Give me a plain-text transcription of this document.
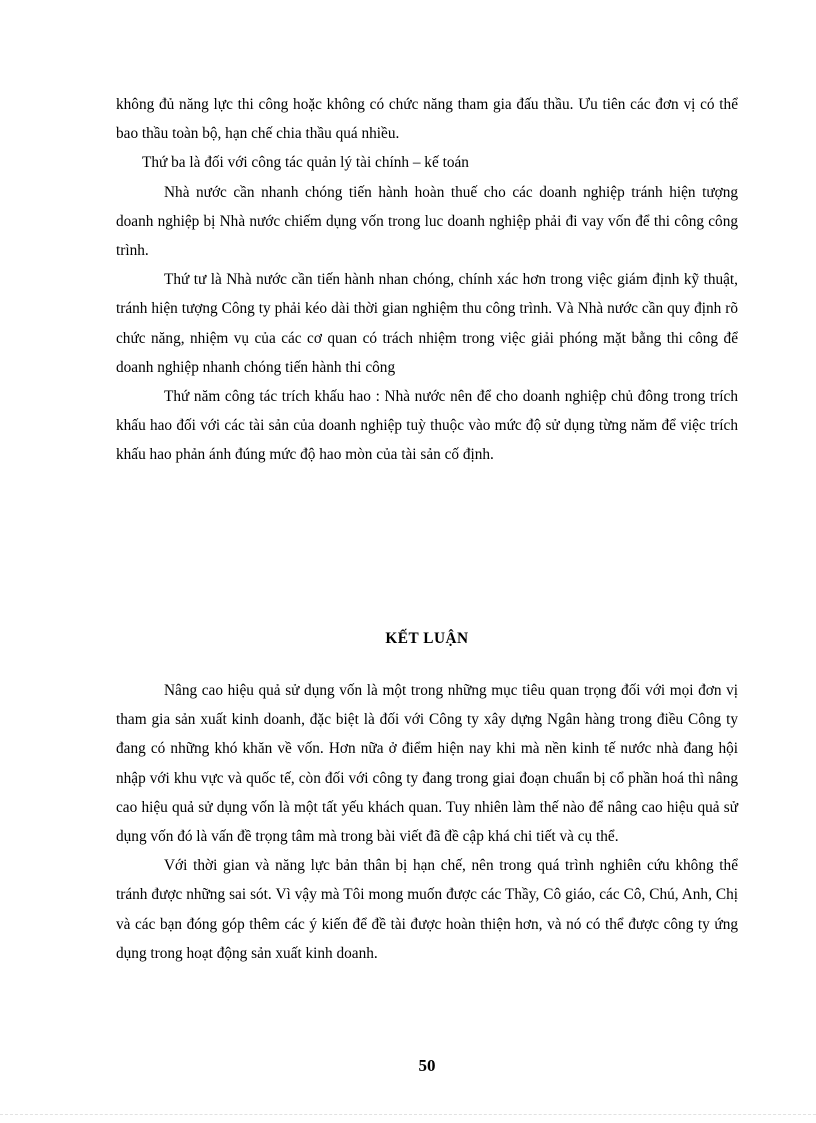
không đủ năng lực thi công hoặc không có chức năng tham gia đấu thầu. Ưu tiên các đơn vị có thể bao thầu toàn bộ, hạn chế chia thầu quá nhiều.

Thứ ba là đối với công tác quản lý tài chính – kế toán

Nhà nước cần nhanh chóng tiến hành hoàn thuế cho các doanh nghiệp tránh hiện tượng doanh nghiệp bị Nhà nước chiếm dụng vốn trong luc doanh nghiệp phải đi vay vốn để thi công công trình.

Thứ tư là Nhà nước cần tiến hành nhan chóng, chính xác hơn trong việc giám định kỹ thuật, tránh hiện tượng Công ty phải kéo dài thời gian nghiệm thu công trình. Và Nhà nước cần quy định rõ chức năng, nhiệm vụ của các cơ quan có trách nhiệm trong việc giải phóng mặt bằng thi công để doanh nghiệp nhanh chóng tiến hành thi công

Thứ năm công tác trích khấu hao : Nhà nước nên để cho doanh nghiệp chủ đông trong trích khấu hao đối với các tài sản của doanh nghiệp tuỳ thuộc vào mức độ sử dụng từng năm để việc trích khấu hao phản ánh đúng mức độ hao mòn của tài sản cố định.

KẾT LUẬN

Nâng cao hiệu quả sử dụng vốn là một trong những mục tiêu quan trọng đối với mọi đơn vị tham gia sản xuất kinh doanh, đặc biệt là đối với Công ty xây dựng Ngân hàng trong điều Công ty đang có những khó khăn về vốn. Hơn nữa ở điểm hiện nay khi mà nền kinh tế nước nhà đang hội nhập với khu vực và quốc tế, còn đối với công ty đang trong giai đoạn chuẩn bị cổ phần hoá thì nâng cao hiệu quả sử dụng vốn là một tất yếu khách quan. Tuy nhiên làm thế nào để nâng cao hiệu quả sử dụng vốn đó là vấn đề trọng tâm mà trong bài viết đã đề cập khá chi tiết và cụ thể.

Với thời gian và năng lực bản thân bị hạn chế, nên trong quá trình nghiên cứu không thể tránh được những sai sót. Vì vậy mà Tôi mong muốn được các Thầy, Cô giáo, các Cô, Chú, Anh, Chị và các bạn đóng góp thêm các ý kiến để đề tài được hoàn thiện hơn, và nó có thể được công ty ứng dụng trong hoạt động sản xuất kinh doanh.

50
